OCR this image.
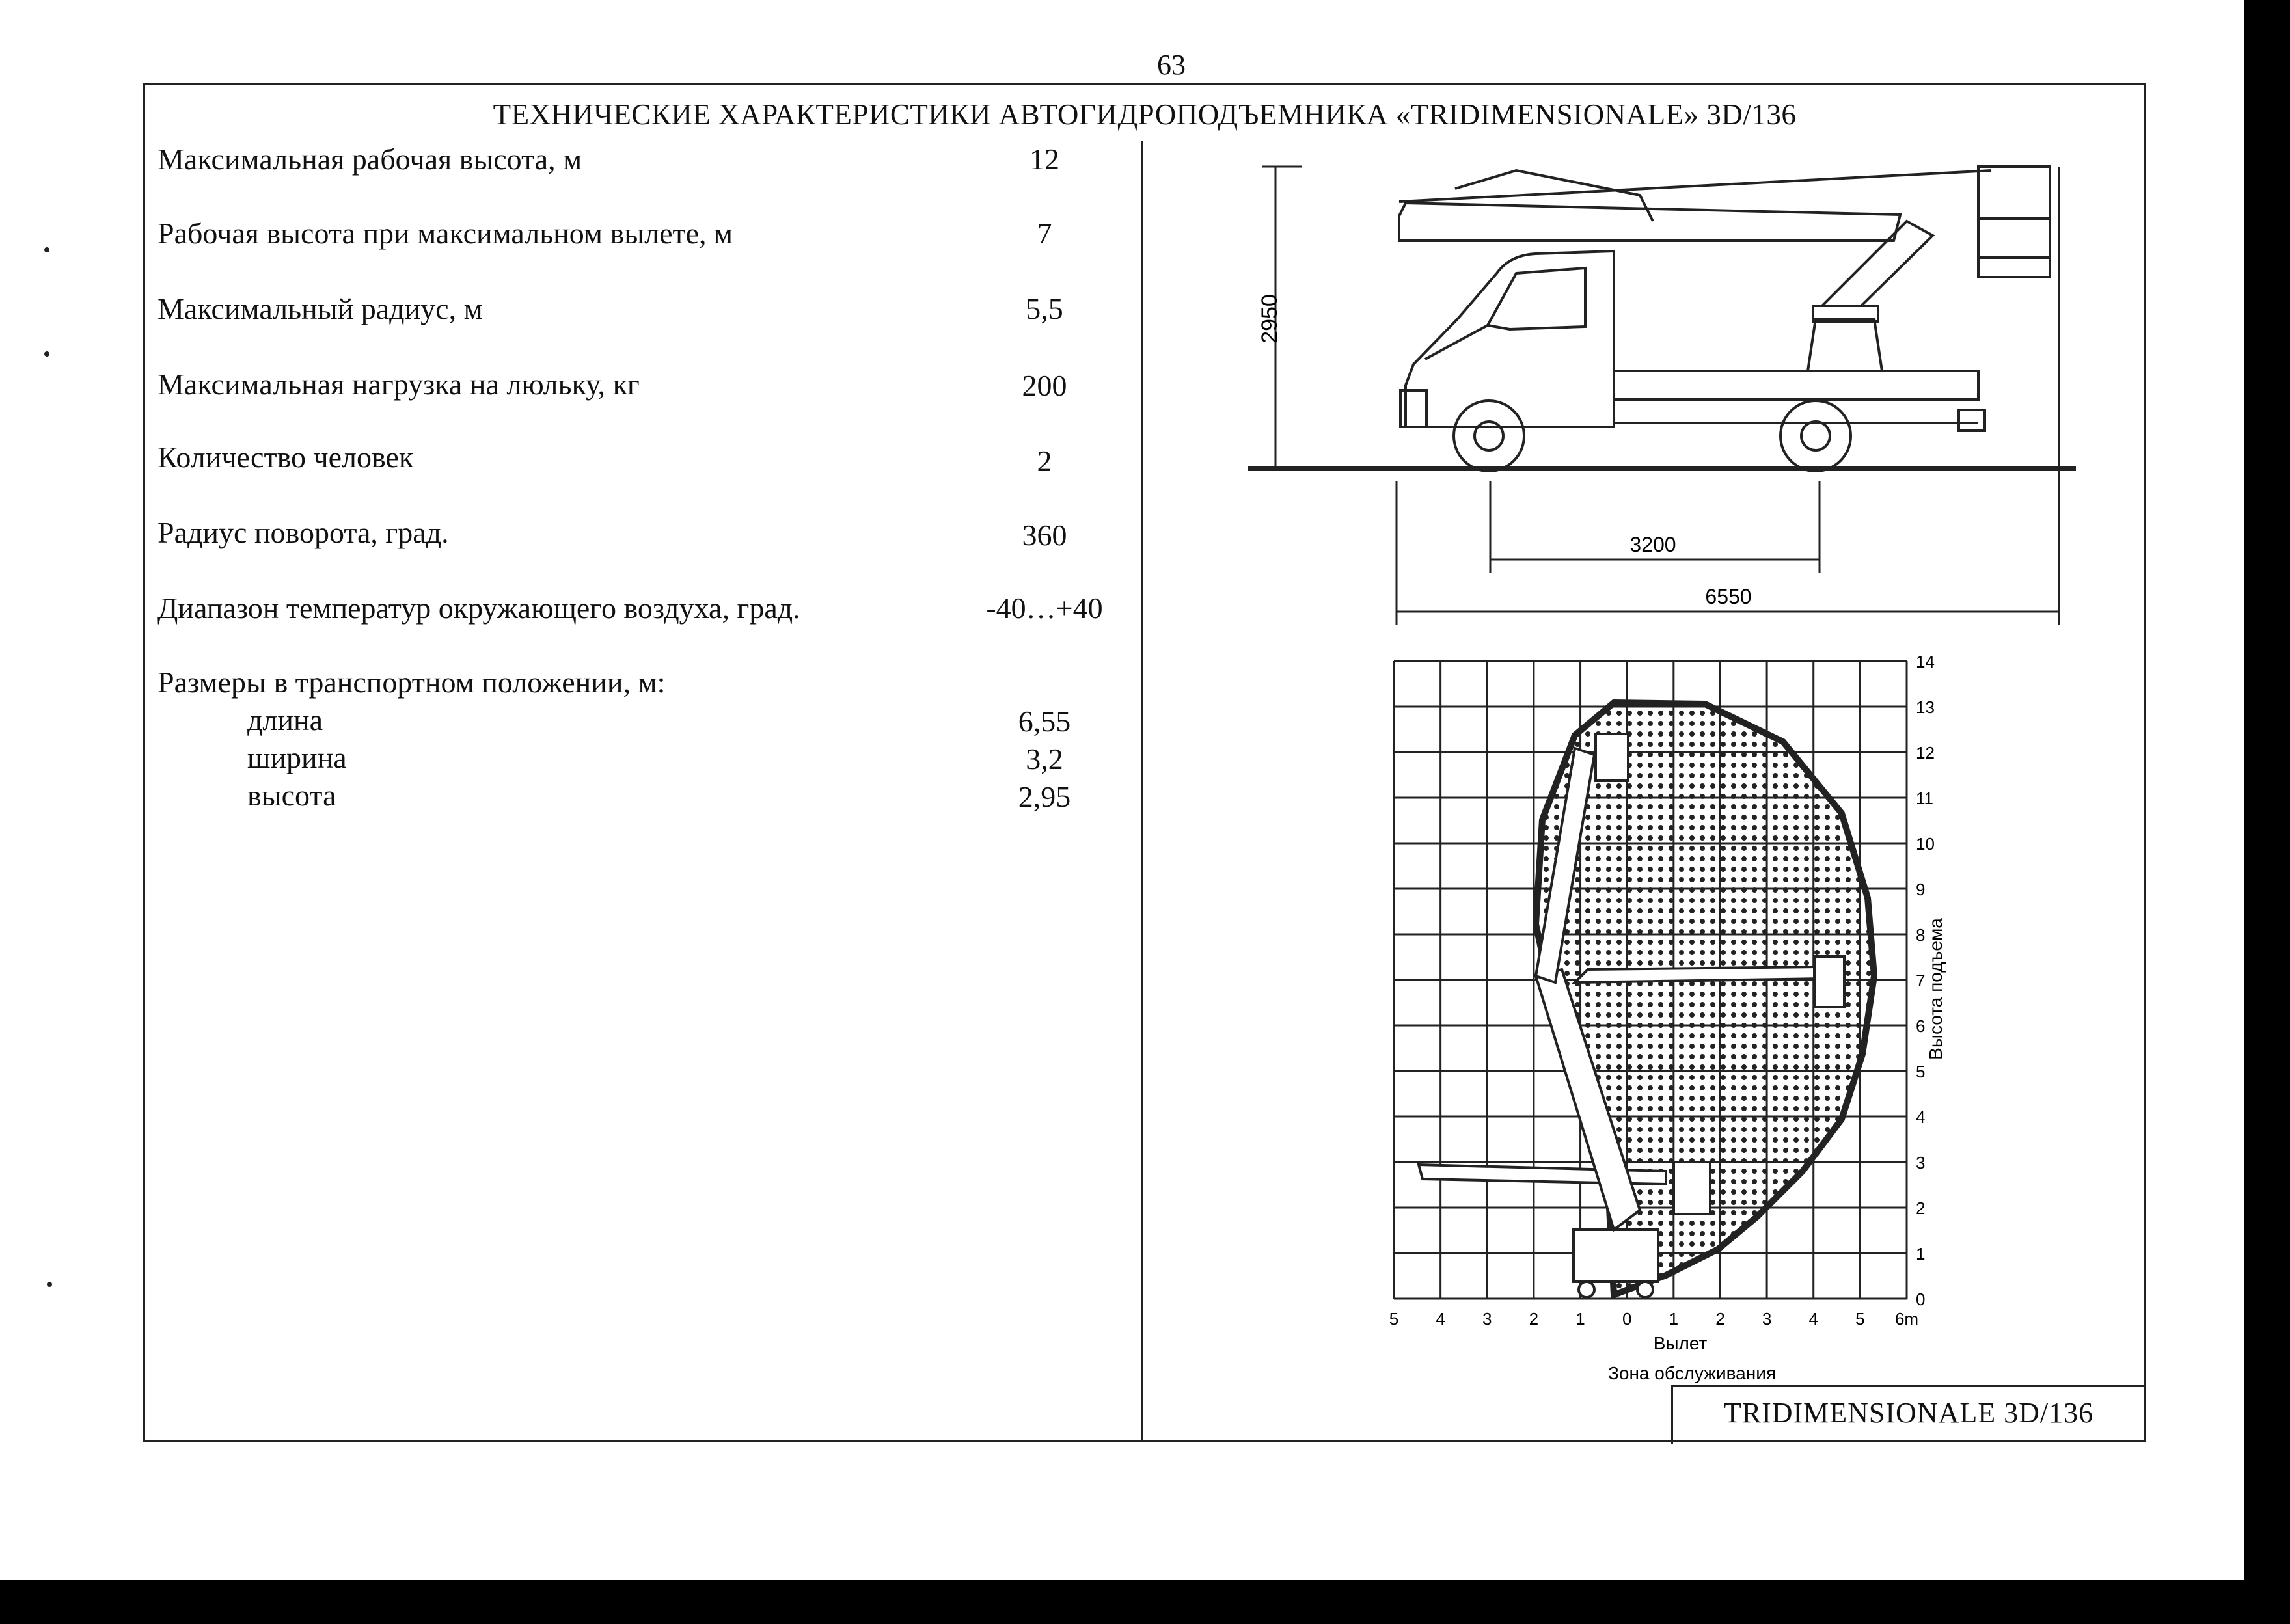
63
ТЕХНИЧЕСКИЕ ХАРАКТЕРИСТИКИ АВТОГИДРОПОДЪЕМНИКА «TRIDIMENSIONALE» 3D/136
Максимальная рабочая высота, м	12
Рабочая высота при максимальном вылете, м	7
Максимальный радиус, м	5,5
Максимальная нагрузка на люльку, кг	200
Количество человек	2
Радиус поворота, град.	360
Диапазон температур окружающего воздуха, град.	-40…+40
Размеры в транспортном положении, м:
длина	6,55
ширина	3,2
высота	2,95
2950
3200
6550
0
1
2
3
4
5
6
7
8
9
10
11
12
13
14
5 4 3 2 1 0 1 2 3 4 5 6m
Вылет
Зона обслуживания
Высота подъема
TRIDIMENSIONALE 3D/136
